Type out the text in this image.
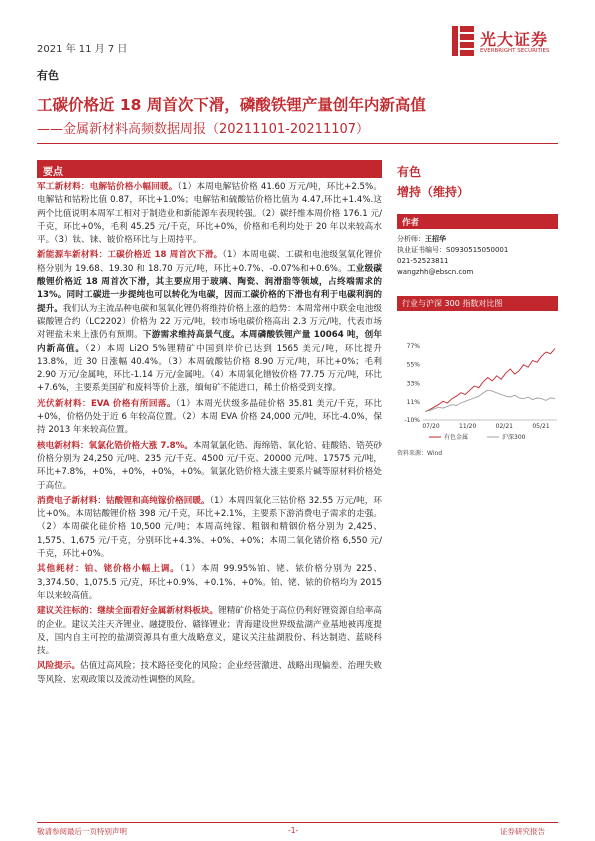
2021 年 11 月 7 日
光大证券
EVERBRIGHT SECURITIES
有色
工碳价格近 18 周首次下滑，磷酸铁锂产量创年内新高值
——金属新材料高频数据周报（20211101-20211107）
要点

军工新材料：电解钴价格小幅回暖。（1）本周电解钴价格 41.60 万元/吨，环比+2.5%。电解钴和钴粉比值 0.87，环比+1.0%；电解钴和硫酸钴价格比值为 4.47,环比+1.4%.这两个比值说明本周军工相对于制造业和新能源车表现转强。（2）碳纤维本周价格 176.1 元/千克，环比+0%，毛利 45.25 元/千克，环比+0%，价格和毛利均处于 20 年以来较高水平。（3）钛、铼、铍价格环比与上周持平。

新能源车新材料：工碳价格近 18 周首次下滑。（1）本周电碳、工碳和电池级氢氧化锂价格分别为 19.68、19.30 和 18.70 万元/吨，环比+0.7%、-0.07%和+0.6%。工业级碳酸锂价格近 18 周首次下滑，其主要应用于玻璃、陶瓷、润滑脂等领域，占终端需求的 13%。同时工碳进一步提纯也可以转化为电碳，因而工碳价格的下滑也有利于电碳利润的提升。我们认为主流品种电碳和氢氧化锂仍将维持价格上涨的趋势：本周常州中联金电池级碳酸锂合约（LC2202）价格为 22 万元/吨，较市场电碳价格高出 2.3 万元/吨，代表市场对锂盐未来上涨仍有预期。下游需求维持高景气度。本周磷酸铁锂产量 10064 吨，创年内新高值。（2）本周 Li2O 5%锂精矿中国到岸价已达到 1565 美元/吨，环比提升 13.8%，近 30 日涨幅 40.4%。（3）本周硫酸钴价格 8.90 万元/吨，环比+0%；毛利 2.90 万元/金属吨，环比-1.14 万元/金属吨。（4）本周氧化镨钕价格 77.75 万元/吨，环比+7.6%，主要系美国矿和废料等价上涨，缅甸矿不能进口，稀土价格受到支撑。

光伏新材料：EVA 价格有所回落。（1）本周光伏级多晶硅价格 35.81 美元/千克，环比+0%，价格仍处于近 6 年较高位置。（2）本周 EVA 价格 24,000 元/吨，环比-4.0%，保持 2013 年来较高位置。

核电新材料：氧氯化锆价格大涨 7.8%。本周氧氯化锆、海绵锆、氧化铪、硅酸锆、锆英砂价格分别为 24,250 元/吨、235 元/千克、4500 元/千克、20000 元/吨、17575 元/吨，环比+7.8%，+0%，+0%，+0%，+0%。氧氯化锆价格大涨主要系片碱等原材料价格处于高位。

消费电子新材料：钴酸锂和高纯镓价格回暖。（1）本周四氧化三钴价格 32.55 万元/吨，环比+0%。本周钴酸锂价格 398 元/千克，环比+2.1%，主要系下游消费电子需求的走强。（2）本周碳化硅价格 10,500 元/吨；本周高纯镓、粗铟和精铟价格分别为 2,425、1,575、1,675 元/千克，分别环比+4.3%、+0%、+0%；本周二氧化锗价格 6,550 元/千克，环比+0%。

其他耗材：铂、铑价格小幅上调。（1）本周 99.95%铂、铑、铱价格分别为 225、3,374.50、1,075.5 元/克，环比+0.9%、+0.1%、+0%。铂、铑、铱的价格均为 2015 年以来较高值。

建议关注标的：继续全面看好金属新材料板块。锂精矿价格处于高位仍利好锂资源自给率高的企业。建议关注天齐锂业、融捷股份、赣锋锂业；青海建设世界级盐湖产业基地被再度提及，国内自主可控的盐湖资源具有重大战略意义，建议关注盐湖股份、科达制造、蓝晓科技。

风险提示。估值过高风险；技术路径变化的风险；企业经营激进、战略出现偏差、治理失败等风险、宏观政策以及流动性调整的风险。

有色
增持（维持）
作者
分析师：王招华
执业证书编号：S0930515050001
021-52523811
wangzhh@ebscn.com
行业与沪深 300 指数对比图
77%
55%
33%
11%
-10%
07/20	11/20	02/21	05/21
有色金属	沪深300
资料来源：Wind
敬请参阅最后一页特别声明	-1-	证券研究报告
